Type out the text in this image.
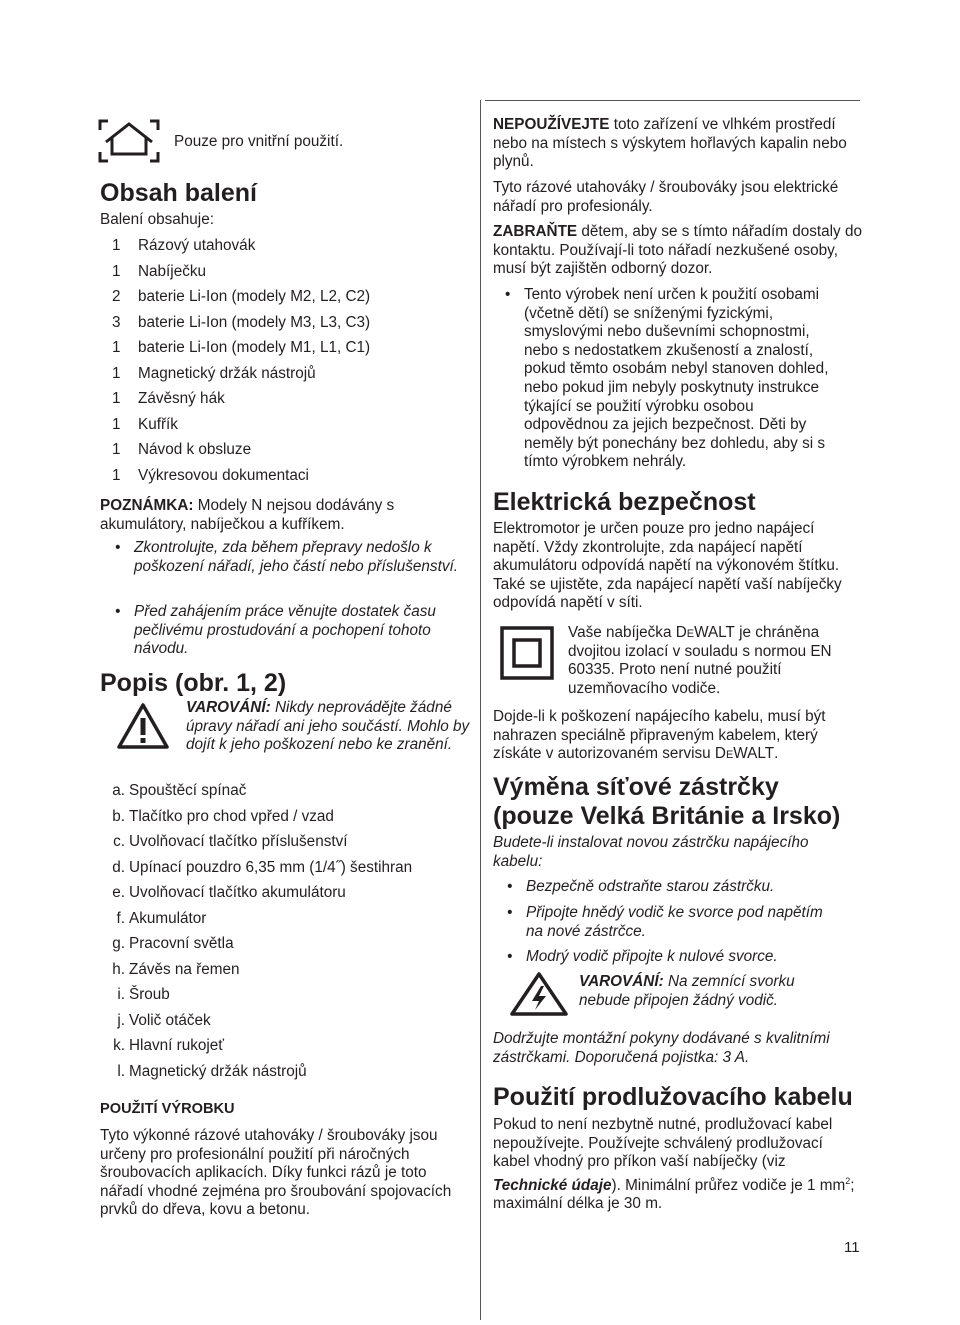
Pouze pro vnitřní použití.
Obsah balení
Balení obsahuje:
1 Rázový utahovák
1 Nabíječku
2 baterie Li-Ion (modely M2, L2, C2)
3 baterie Li-Ion (modely M3, L3, C3)
1 baterie Li-Ion (modely M1, L1, C1)
1 Magnetický držák nástrojů
1 Závěsný hák
1 Kufřík
1 Návod k obsluze
1 Výkresovou dokumentaci
POZNÁMKA: Modely N nejsou dodávány s akumulátory, nabíječkou a kufříkem.
• Zkontrolujte, zda během přepravy nedošlo k poškození nářadí, jeho částí nebo příslušenství.
• Před zahájením práce věnujte dostatek času pečlivému prostudování a pochopení tohoto návodu.
Popis (obr. 1, 2)
VAROVÁNÍ: Nikdy neprovádějte žádné úpravy nářadí ani jeho součástí. Mohlo by dojít k jeho poškození nebo ke zranění.
a. Spouštěcí spínač
b. Tlačítko pro chod vpřed / vzad
c. Uvolňovací tlačítko příslušenství
d. Upínací pouzdro 6,35 mm (1/4˝) šestihran
e. Uvolňovací tlačítko akumulátoru
f. Akumulátor
g. Pracovní světla
h. Závěs na řemen
i. Šroub
j. Volič otáček
k. Hlavní rukojeť
l. Magnetický držák nástrojů
POUŽITÍ VÝROBKU
Tyto výkonné rázové utahováky / šroubováky jsou určeny pro profesionální použití při náročných šroubovacích aplikacích. Díky funkci rázů je toto nářadí vhodné zejména pro šroubování spojovacích prvků do dřeva, kovu a betonu.
NEPOUŽÍVEJTE toto zařízení ve vlhkém prostředí nebo na místech s výskytem hořlavých kapalin nebo plynů.
Tyto rázové utahováky / šroubováky jsou elektrické nářadí pro profesionály.
ZABRAŇTE dětem, aby se s tímto nářadím dostaly do kontaktu. Používají-li toto nářadí nezkušené osoby, musí být zajištěn odborný dozor.
• Tento výrobek není určen k použití osobami (včetně dětí) se sníženými fyzickými, smyslovými nebo duševními schopnostmi, nebo s nedostatkem zkušeností a znalostí, pokud těmto osobám nebyl stanoven dohled, nebo pokud jim nebyly poskytnuty instrukce týkající se použití výrobku osobou odpovědnou za jejich bezpečnost. Děti by neměly být ponechány bez dohledu, aby si s tímto výrobkem nehrály.
Elektrická bezpečnost
Elektromotor je určen pouze pro jedno napájecí napětí. Vždy zkontrolujte, zda napájecí napětí akumulátoru odpovídá napětí na výkonovém štítku. Také se ujistěte, zda napájecí napětí vaší nabíječky odpovídá napětí v síti.
Vaše nabíječka DeWALT je chráněna dvojitou izolací v souladu s normou EN 60335. Proto není nutné použití uzemňovacího vodiče.
Dojde-li k poškození napájecího kabelu, musí být nahrazen speciálně připraveným kabelem, který získáte v autorizovaném servisu DeWALT.
Výměna síťové zástrčky (pouze Velká Británie a Irsko)
Budete-li instalovat novou zástrčku napájecího kabelu:
• Bezpečně odstraňte starou zástrčku.
• Připojte hnědý vodič ke svorce pod napětím na nové zástrčce.
• Modrý vodič připojte k nulové svorce.
VAROVÁNÍ: Na zemnící svorku nebude připojen žádný vodič.
Dodržujte montážní pokyny dodávané s kvalitními zástrčkami. Doporučená pojistka: 3 A.
Použití prodlužovacího kabelu
Pokud to není nezbytně nutné, prodlužovací kabel nepoužívejte. Používejte schválený prodlužovací kabel vhodný pro příkon vaší nabíječky (viz Technické údaje). Minimální průřez vodiče je 1 $mm^2$; maximální délka je 30 m.
11
